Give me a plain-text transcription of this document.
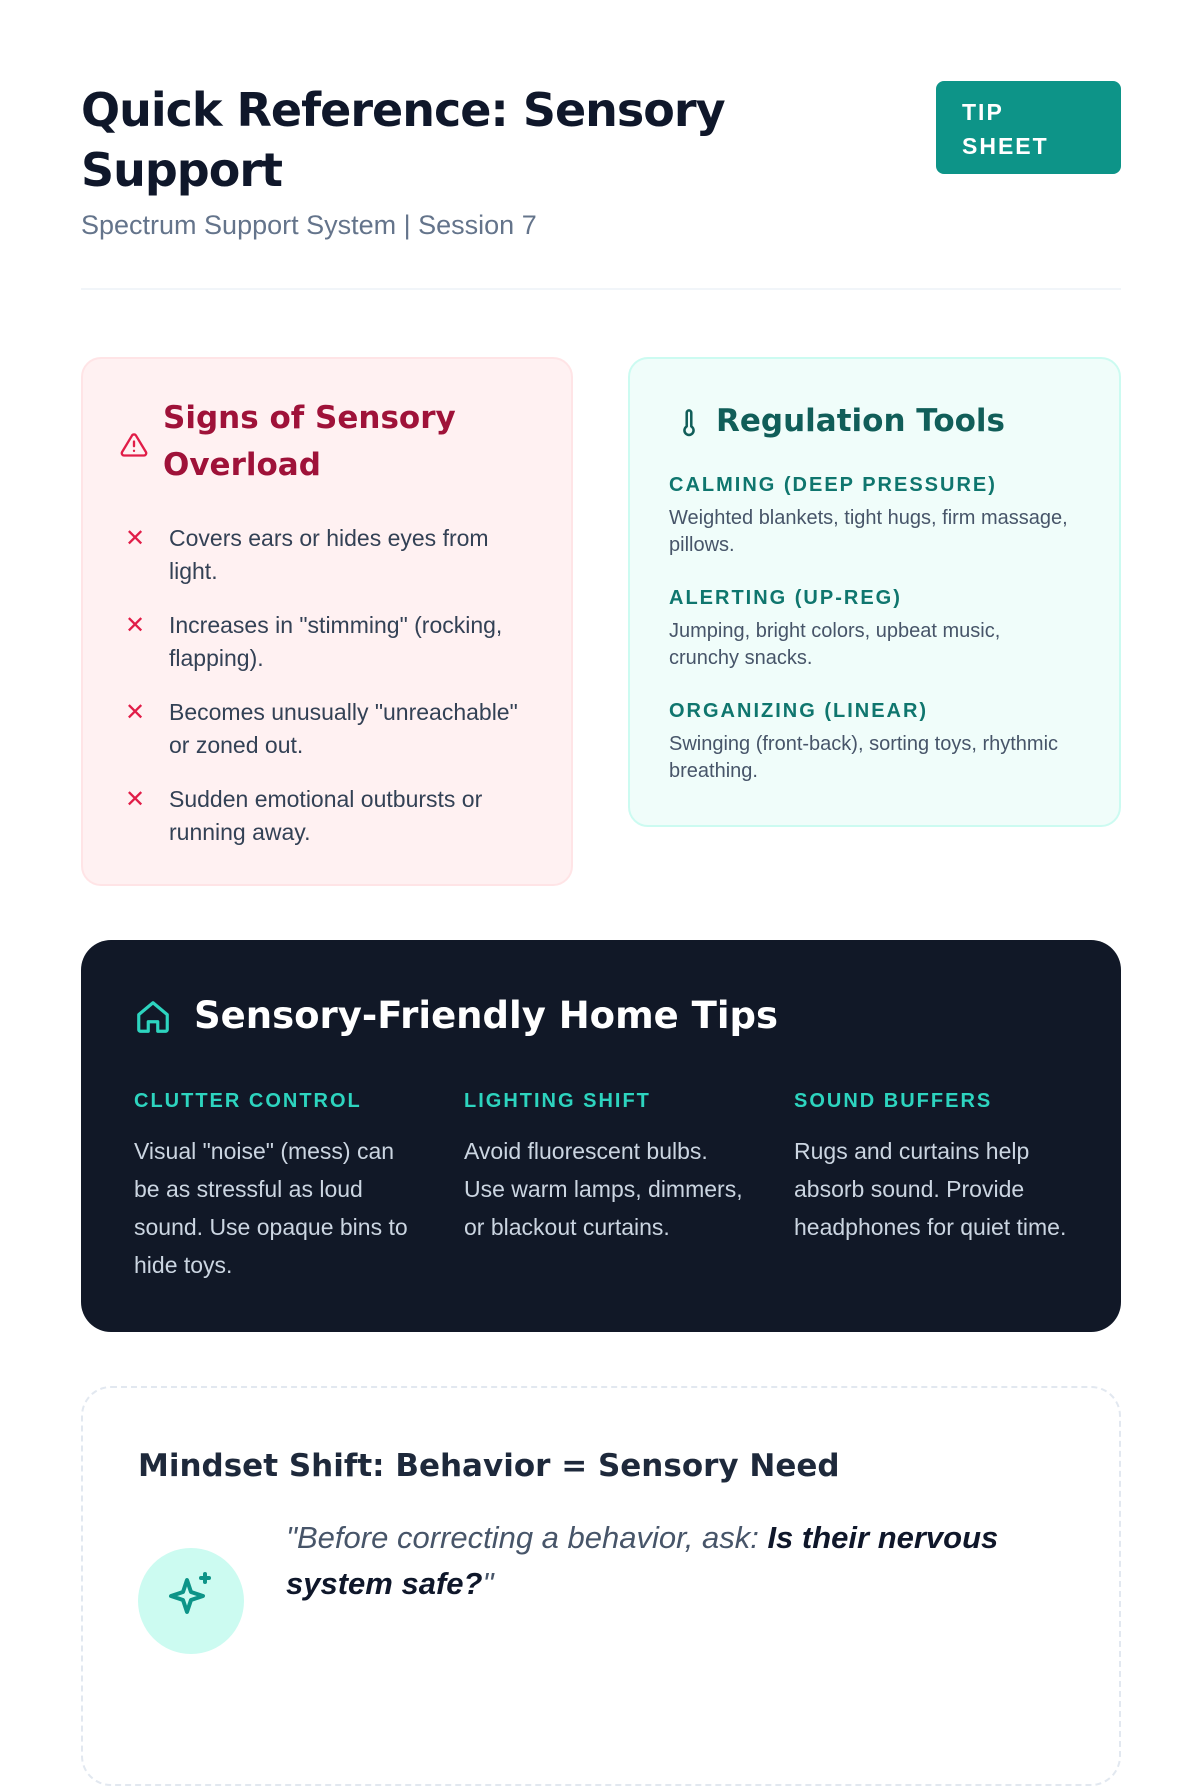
Quick Reference: Sensory Support
Spectrum Support System | Session 7
TIP SHEET
Signs of Sensory Overload
✕ Covers ears or hides eyes from light.
✕ Increases in "stimming" (rocking, flapping).
✕ Becomes unusually "unreachable" or zoned out.
✕ Sudden emotional outbursts or running away.
Regulation Tools
CALMING (DEEP PRESSURE)
Weighted blankets, tight hugs, firm massage, pillows.
ALERTING (UP-REG)
Jumping, bright colors, upbeat music, crunchy snacks.
ORGANIZING (LINEAR)
Swinging (front-back), sorting toys, rhythmic breathing.
Sensory-Friendly Home Tips
CLUTTER CONTROL
Visual "noise" (mess) can be as stressful as loud sound. Use opaque bins to hide toys.
LIGHTING SHIFT
Avoid fluorescent bulbs. Use warm lamps, dimmers, or blackout curtains.
SOUND BUFFERS
Rugs and curtains help absorb sound. Provide headphones for quiet time.
Mindset Shift: Behavior = Sensory Need
"Before correcting a behavior, ask: Is their nervous system safe?"
